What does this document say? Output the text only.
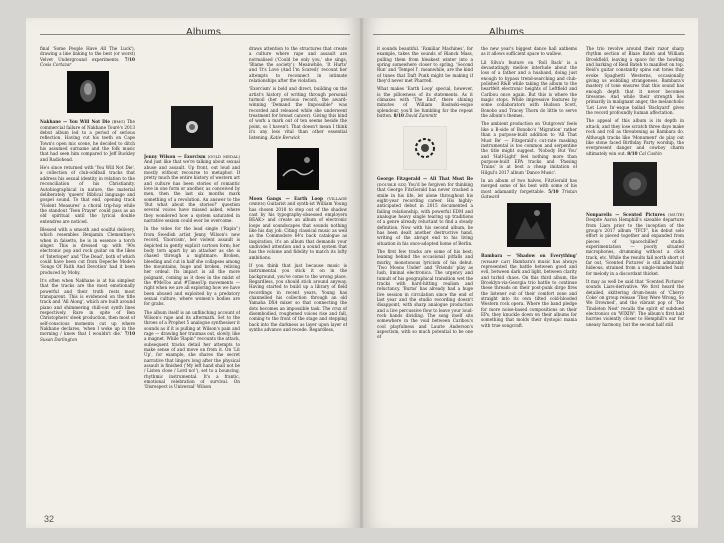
Albums

final 'Some People Have All The Luck'), drawing a line linking to the best (or worst) Velvet Underground experiments. 7/10 Cosis Cortazar

Nakhane — You Will Not Die (BMG) The commercial failure of Nakhane Touré's 2013 debut album led to a period of serious reflection. Having cut his teeth on Cape Town's open mic scene, he decided to ditch his assumed surname and the folk music that had seen him compared to Jeff Buckley and Radiohead.

He's since returned with 'You Will Not Die', a collection of club-oddball tracks that address his sexual identity in relation to the reconciliation of his Christianity. Autobiographical in nature, the material deliberately 'queers' Biblical language and gospel sound. To that end, opening track 'Violent Measures' a choral trip-hop while the standout 'Teen Prayer' could pass as an old spiritual until the lyrical double entendres are noticed.

Blessed with a smooth and soulful delivery, which resembles Benjamin Clementine's when in falsetto, he is in essence a torch singer. This is dressed up with '90s electronic pop and rock guitar on the likes of 'Interloper' and 'The Dead', both of which could have been cut from Depeche Mode's 'Songs Of Faith And Devotion' had it been produced by Moby.

It's often when Nakhane is at his simplest that the tracks are the most emotionally powerful and their truth rests most transparent. This is evidenced on the title track and 'All Along', which are built around piano and shimmering chill-out synth lines respectively. Rare in spite of Ben Christophers' sleek production, then most of self-conscious moments cut up where Nakhane declares, 'when I woke up in the morning / knew that I wouldn't die.' 7/10 Susan Darlington

Jenny Wilson — Exorcism (GOLD MEDAL) And just like that we're talking about sexual abuse and assault. Up front, out loud and mostly without recourse to metaphor. If pretty much the entire history of western art and culture has been stories of romantic love in one form or another, as conceived by men, then the last six months mark something of a revolution. An answer to the 'But what about the stories?' question several voices have missed asked, where they wondered how a system saturated in narrative sexism could ever be overcome.

In the video for the lead single ('Rapin'') from Swedish artist Jenny Wilson's new record, 'Exorcism', her violent assault is depicted in gently explicit cartoon form; her body torn apart by an attacker as she is chased through a nightmare. Broken, bleeding and cut in half she collapses among the mountains, huge and broken, reliving her ordeal. Its impact is all the more poignant, coming as it does in the midst of the #MeToo and #TimesUp movements — right when we are all exploring how we have been abused and exploited by a predatory sexual culture, where women's bodies are for grabs.

The album itself is an unflinching account of Wilson's rape and its aftermath. Set to the throes of a Prophet 5 analogue synthesiser it sounds as if it is pulling at Wilson's pain and rage — drawing her traumas out, slowly, like a magnet. While 'Rapin'' recounts the attack, subsequent tracks detail her attempts to make sense of and move on from it. On 'Lit Up', for example, she shares the secret narrative that lingers long after the physical assault is finished ('My left hand shall not be / Listen close / Lord no!'), set to a bouncing, rhythmic instrumental. It's a frantic, emotional celebration of survival. On 'Disrespect is Universal' Wilson

draws attention to the structures that create a culture where rape and assault are normalised ('Could be only you,' she sings, 'Blame the society'). Meanwhile, 'It Hurts' and 'It's Love (And I'm Scared)' recount her attempts to reconnect in intimate relationships after the violation.

'Exorcism' is bold and direct, building on the artist's history of writing through personal turmoil (her previous record, the award-winning 'Demand the Impossible!' was recorded and released while she underwent treatment for breast cancer). Giving this kind of work a mark out of ten seems beside the point, so I haven't. That doesn't mean I think it's any less vital than other essential listening. Katie Berwick

Moon Gangs — Earth Loop (VILLAGE GREEN) Guitarist and synth-ist William Young has chosen 2018 to step out of the shadow cast by his typography-obsessed employers BEAK> and create an album of electronic loops and soundscapes that sounds nothing like his day job. Citing classical music as well as the Commodore 64's back catalogue as inspiration, it's an album that demands your undivided attention and a sound system that has the volume and fidelity to match its lofty ambitions.

If you think that just because music is instrumental you stick it on in the background, you've come to the wrong place. Regardless, you should stick around anyway. Having started to build up a library of field recordings in recent years, Young has channelled his collection through an old Yamaha DX4 mixer so that connecting the dots becomes an impossible task. The crux of disembodied, roughened voices rise and fall, coming to the front of the stage and stepping back into the darkness as layer upon layer of synths advance and recede. Regardless,

32
Albums

it sounds beautiful. 'Familiar Machines', for example, takes the sounds of Blanck Mass, pulling them from bleakest winter into a spring somewhere closer to spring. 'Second Run' and 'Tempel I', meanwhile, are the kind of tunes that Daft Punk might be making if they'd never met Pharrell.

What makes 'Earth Loop' special, however, is the pillowness of its statements. As it climaxes with 'The End', there shining minutes of William Basinski-esque splendour, you'll be fumbling for the repeat button. 8/10 David Zammitt

George Fitzgerald — All That Must Be (DOUBLE SIX) You'd be forgiven for thinking that George FitzGerald has never cracked a smile in his life, let alone throughout his eight-year recording career. His highly-anticipated debut in 2015 documented a failing relationship, with powerful EDM and analogue heavy single tearing up traditions of a genre already reluctant to find a steady definition. Now with his second album, he has been dealt another destructive hand, writing of the abrupt end to his living situation in his once-adopted home of Berlin.

The first few tracks are some of his best; leaning behind the occasional pitfalls and murky, monotonous lyricism of his debut. 'Two Moons Under' and 'Friends' play as lush, liminal electronica. The urgency and tumult of his geographical transition wet the tracks with hard-hitting realism and reluctancy. 'Burns' has already had a huge live session in circulation since the end of last year and the studio recording doesn't disappoint, with sharp analogue production and a live percussive flow to leave your loud-rock hands dividing. The song itself sits somewhere in the void between Caribou's cool playfulness and Laurie Anderson's aspectism, with so much potential to be one of

the new year's biggest dance hall anthems as it allows sufficient space to wallow.

Lil Silva's feature on 'Roll Back' is a devastatingly mellow interlude about the loss of a father and a husband, doing just enough to bypass trend-searching and club-polished R&B while taking the album to the heartfelt electronic heights of Leftfield and Caribou once again. But this is where the magic stops. While impressive features by some collaborators with Hudson Scott, Bonobo and Tracey Thorn do little to serve the album's themes.

The ambient production on 'Outgrown' feels like a B-side of Bonobo's 'Migration' rather than a purpose-built addition to 'All That Must Be' — Fitzgerald's cut-rate masking instrumental is too common and serpentine the title might suggest. 'Nobody But You' and 'Half-Light' feel nothing more than purpose-built EPA tracks and 'Passing Trains' is at best a cheap imitation of Hilgul's 2017 album 'Dance Music'.

In an album of two halves, FitzGerald has merged some of his best with some of his most adamantly forgettable. 5/10 Tristan Gatward

Bambara — 'Shadow on Everything' (WHARF CAT) Bambara's music has always represented the battle between good and evil, between dark and light, between clarity and turbid chaos. On this third album, the Brooklyn-via-Georgia trio battle to continue these threads on their post-punk dirge fires the listener out of their comfort zone and straight into its own tilted cold-blooded Western rock opera. Where the band pledge for more noise-based compositions on their EPs, they knuckle down on their albums for something that molds their dystopic mania with true songcraft.

The trio revolve around their razor sharp rhythm section of Blaze Bateh and William Brookfield, leaving a space for the howling and barking of Reid Bateh to manifest on top. Reid's guitar constantly spins out tones that evoke Spaghetti Westerns, occasionally giving us wobbling strangeness. Bambara's mastery of tone ensures that this sound has enough depth that it never becomes tiresome. And while their strength lies primarily in malignant anger, the melancholic 'Let Love In'-esque ballad 'Backyard' gives the record profoundly human affectation.

The appeal of this album is its depth in attack, and they lose scratch three days make rock and roll as threatening as Bambara do. Although tracks like 'Monument' do play out like stone faced Birthday Party worship, the everpresent danger and cowboy charm ultimately win out. 8/10 Cal Cashin

Nonpareils — Scented Pictures (MUTE) Despite Aaron Hemphill's sizeable departure from Liars prior to the inception of the group's 2017 album 'TFCF', his debut solo effort is pieced together and expanded from pieces of 'spacechilled' studio experimentation — poorly situated microphones, drumming without a click track, etc. While the results fall north short of far out, 'Scented Pictures' is still admirably hideous, strained from a single-minded hunt for melody in a discordant thicket.

It may as well be said that 'Scented Pictures' sounds Liars-derivative. We first heard the detailed, skittering drum-beats of 'Cherry Coke' on group release 'They Were Wrong, So We Drowned', and the vibrant pop of 'The Tinsleton Nest' recalls the spirit of subdued electronics on 'WIXIW'. The album's first half hurries violently closer to Hemphill's ear for uneasy harmony, but the second half still

33
